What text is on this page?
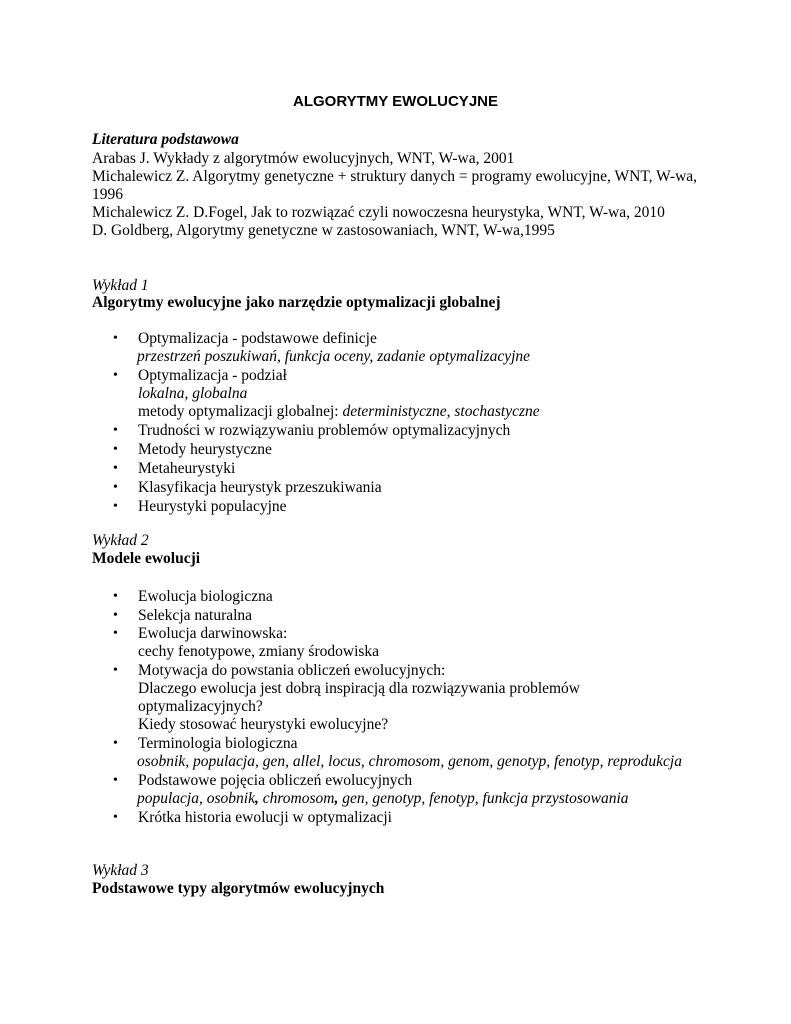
ALGORYTMY EWOLUCYJNE
Literatura podstawowa
Arabas J. Wykłady z algorytmów ewolucyjnych, WNT, W-wa, 2001
Michalewicz Z. Algorytmy genetyczne + struktury danych = programy ewolucyjne, WNT, W-wa,
1996
Michalewicz Z. D.Fogel, Jak to rozwiązać czyli nowoczesna heurystyka, WNT, W-wa, 2010
D. Goldberg, Algorytmy genetyczne w zastosowaniach, WNT, W-wa,1995
Wykład 1
Algorytmy ewolucyjne jako narzędzie optymalizacji globalnej
• Optymalizacja - podstawowe definicje
przestrzeń poszukiwań, funkcja oceny, zadanie optymalizacyjne
• Optymalizacja - podział
lokalna, globalna
metody optymalizacji globalnej: deterministyczne, stochastyczne
• Trudności w rozwiązywaniu problemów optymalizacyjnych
• Metody heurystyczne
• Metaheurystyki
• Klasyfikacja heurystyk przeszukiwania
• Heurystyki populacyjne
Wykład 2
Modele ewolucji
• Ewolucja biologiczna
• Selekcja naturalna
• Ewolucja darwinowska:
cechy fenotypowe, zmiany środowiska
• Motywacja do powstania obliczeń ewolucyjnych:
Dlaczego ewolucja jest dobrą inspiracją dla rozwiązywania problemów
optymalizacyjnych?
Kiedy stosować heurystyki ewolucyjne?
• Terminologia biologiczna
osobnik, populacja, gen, allel, locus, chromosom, genom, genotyp, fenotyp, reprodukcja
• Podstawowe pojęcia obliczeń ewolucyjnych
populacja, osobnik, chromosom, gen, genotyp, fenotyp, funkcja przystosowania
• Krótka historia ewolucji w optymalizacji
Wykład 3
Podstawowe typy algorytmów ewolucyjnych
